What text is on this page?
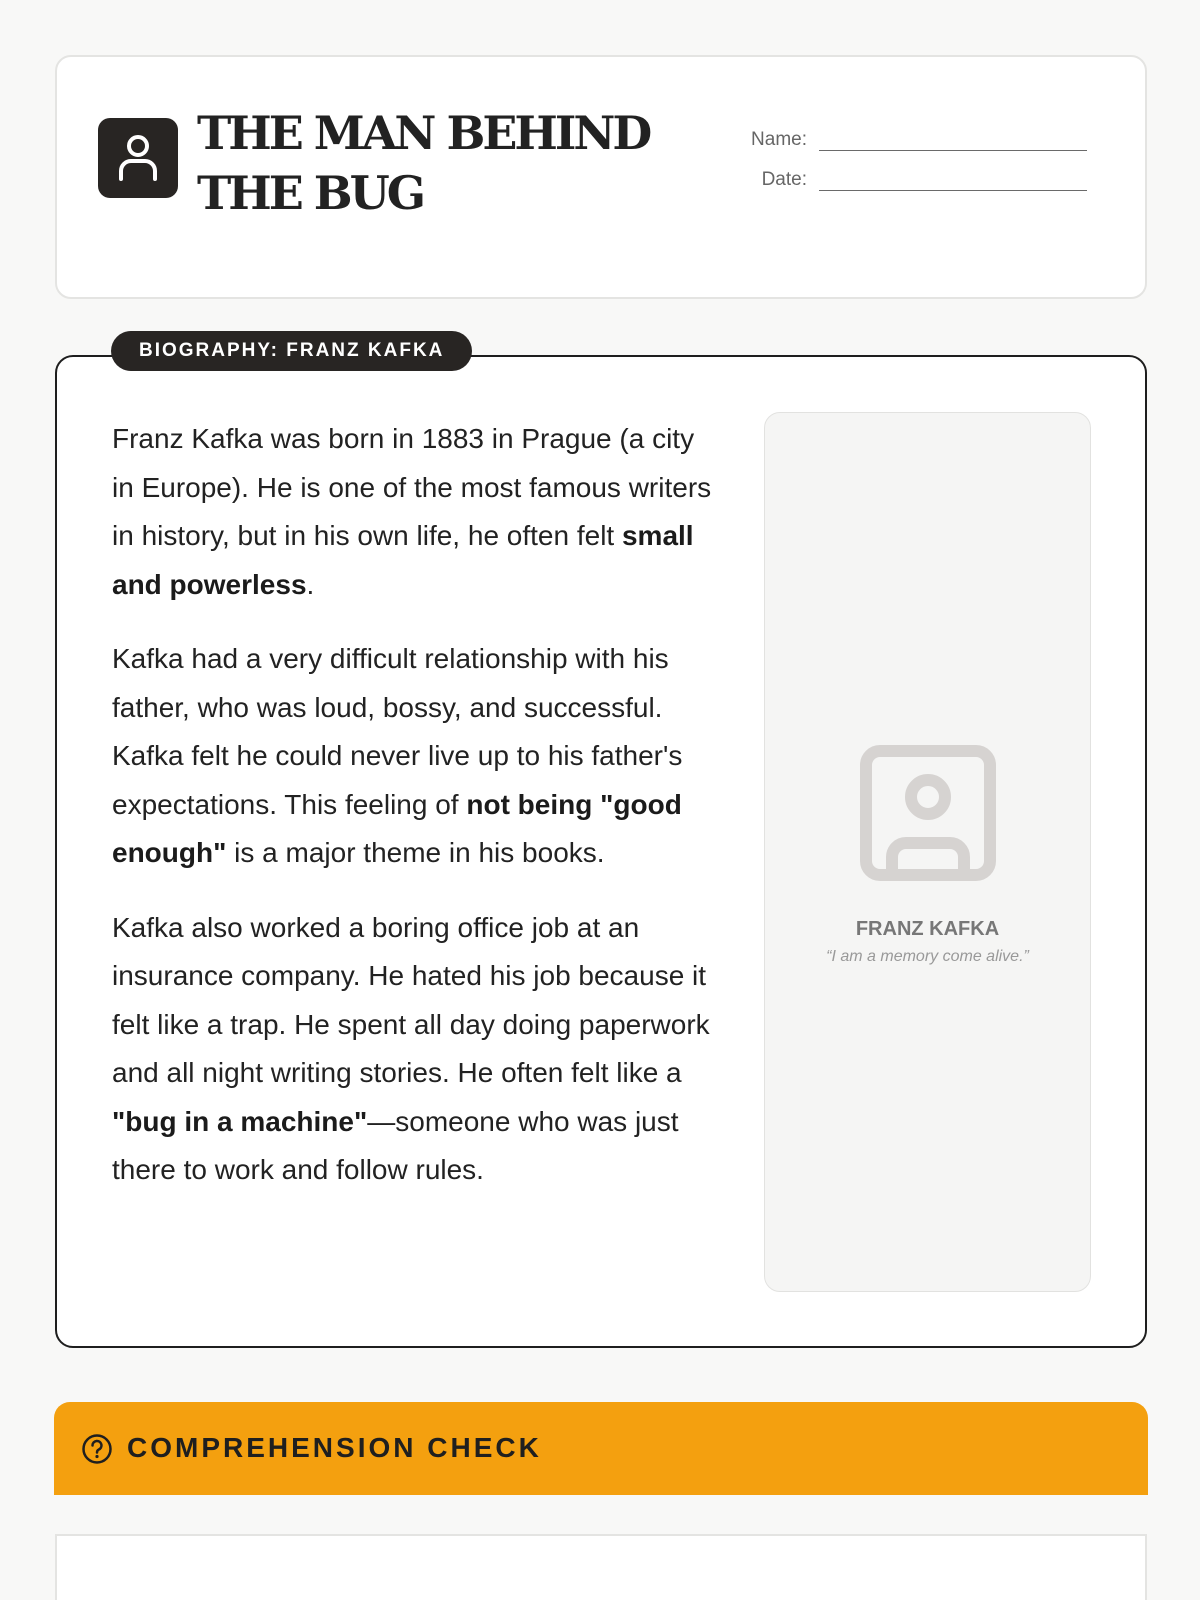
THE MAN BEHIND THE BUG
Name:
Date:

Franz Kafka was born in 1883 in Prague (a city in Europe). He is one of the most famous writers in history, but in his own life, he often felt small and powerless.

Kafka had a very difficult relationship with his father, who was loud, bossy, and successful. Kafka felt he could never live up to his father's expectations. This feeling of not being "good enough" is a major theme in his books.

Kafka also worked a boring office job at an insurance company. He hated his job because it felt like a trap. He spent all day doing paperwork and all night writing stories. He often felt like a "bug in a machine"—someone who was just there to work and follow rules.

FRANZ KAFKA
“I am a memory come alive.”
BIOGRAPHY: FRANZ KAFKA
COMPREHENSION CHECK
